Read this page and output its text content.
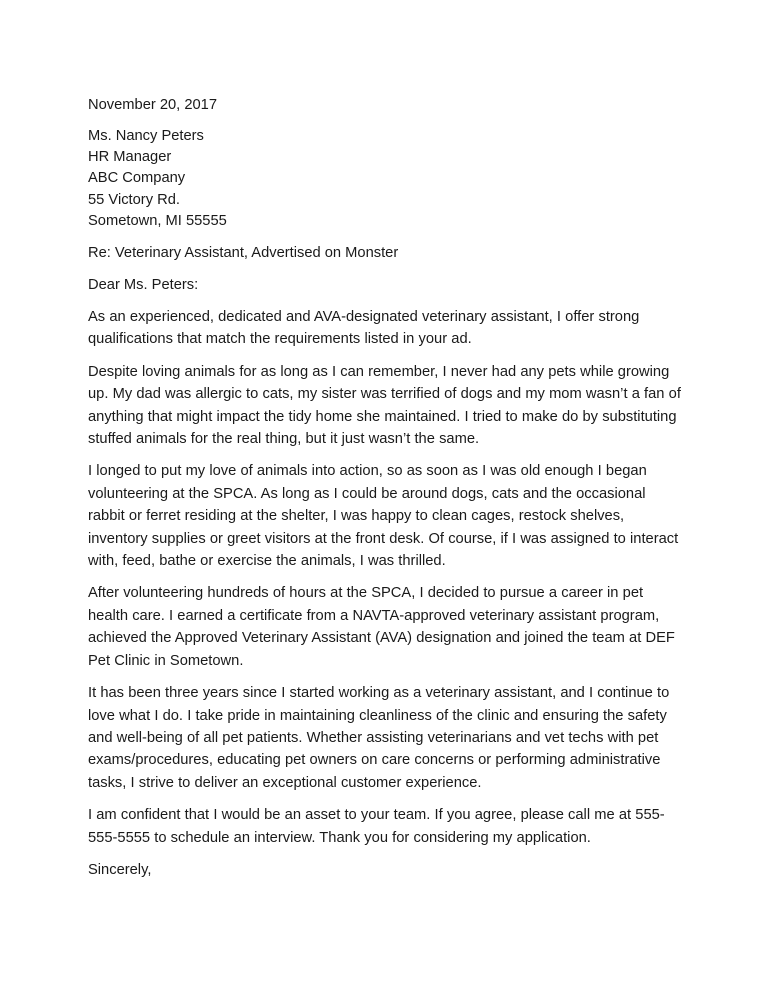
November 20, 2017

Ms. Nancy Peters

HR Manager

ABC Company

55 Victory Rd.

Sometown, MI 55555

Re: Veterinary Assistant, Advertised on Monster

Dear Ms. Peters:

As an experienced, dedicated and AVA-designated veterinary assistant, I offer strong qualifications that match the requirements listed in your ad.

Despite loving animals for as long as I can remember, I never had any pets while growing up. My dad was allergic to cats, my sister was terrified of dogs and my mom wasn’t a fan of anything that might impact the tidy home she maintained. I tried to make do by substituting stuffed animals for the real thing, but it just wasn’t the same.

I longed to put my love of animals into action, so as soon as I was old enough I began volunteering at the SPCA. As long as I could be around dogs, cats and the occasional rabbit or ferret residing at the shelter, I was happy to clean cages, restock shelves, inventory supplies or greet visitors at the front desk. Of course, if I was assigned to interact with, feed, bathe or exercise the animals, I was thrilled.

After volunteering hundreds of hours at the SPCA, I decided to pursue a career in pet health care. I earned a certificate from a NAVTA-approved veterinary assistant program, achieved the Approved Veterinary Assistant (AVA) designation and joined the team at DEF Pet Clinic in Sometown.

It has been three years since I started working as a veterinary assistant, and I continue to love what I do. I take pride in maintaining cleanliness of the clinic and ensuring the safety and well-being of all pet patients. Whether assisting veterinarians and vet techs with pet exams/procedures, educating pet owners on care concerns or performing administrative tasks, I strive to deliver an exceptional customer experience.

I am confident that I would be an asset to your team. If you agree, please call me at 555-555-5555 to schedule an interview. Thank you for considering my application.

Sincerely,
